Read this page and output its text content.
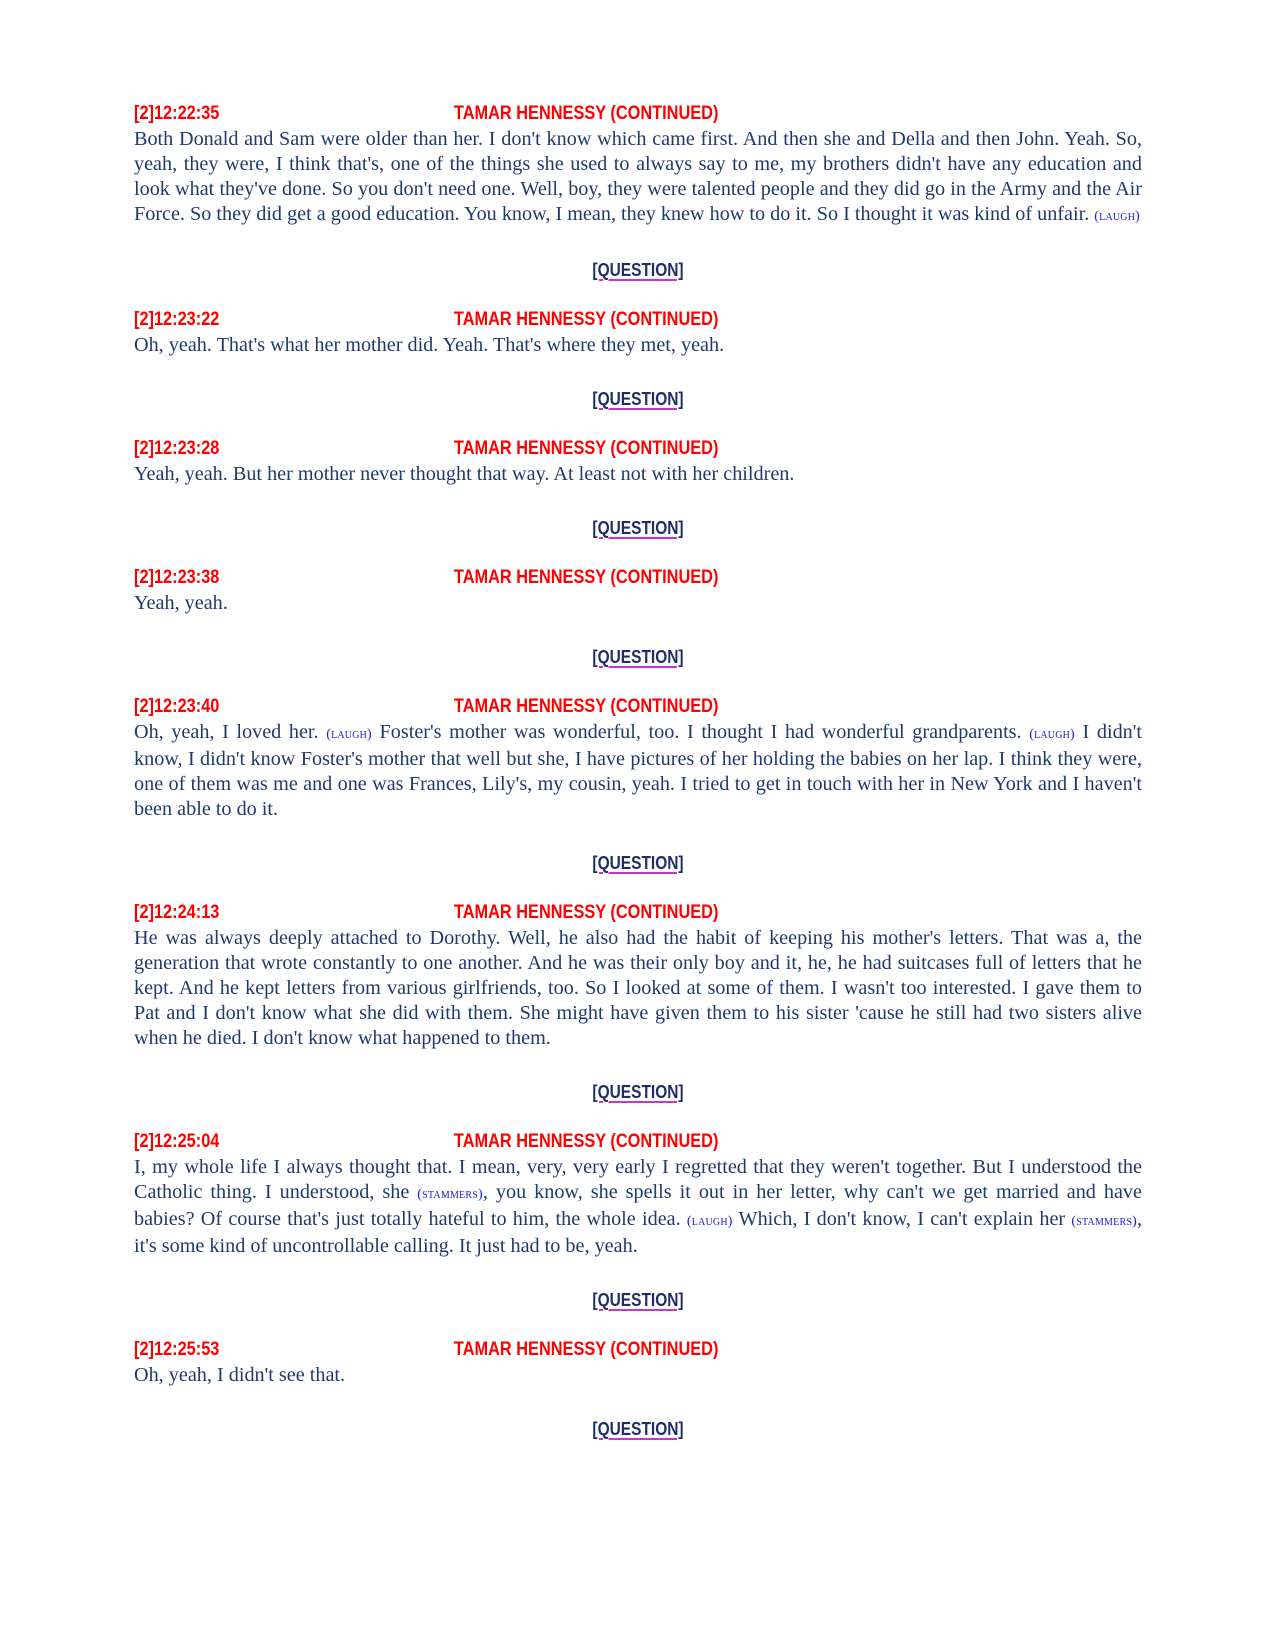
[2]12:22:35	TAMAR HENNESSY (CONTINUED)

Both Donald and Sam were older than her. I don't know which came first. And then she and Della and then John. Yeah. So, yeah, they were, I think that's, one of the things she used to always say to me, my brothers didn't have any education and look what they've done. So you don't need one. Well, boy, they were talented people and they did go in the Army and the Air Force. So they did get a good education. You know, I mean, they knew how to do it. So I thought it was kind of unfair. (laugh)

[QUESTION]
[2]12:23:22	TAMAR HENNESSY (CONTINUED)

Oh, yeah. That's what her mother did. Yeah. That's where they met, yeah.

[QUESTION]
[2]12:23:28	TAMAR HENNESSY (CONTINUED)

Yeah, yeah. But her mother never thought that way. At least not with her children.

[QUESTION]
[2]12:23:38	TAMAR HENNESSY (CONTINUED)

Yeah, yeah.

[QUESTION]
[2]12:23:40	TAMAR HENNESSY (CONTINUED)

Oh, yeah, I loved her. (laugh) Foster's mother was wonderful, too. I thought I had wonderful grandparents. (laugh) I didn't know, I didn't know Foster's mother that well but she, I have pictures of her holding the babies on her lap. I think they were, one of them was me and one was Frances, Lily's, my cousin, yeah. I tried to get in touch with her in New York and I haven't been able to do it.

[QUESTION]
[2]12:24:13	TAMAR HENNESSY (CONTINUED)

He was always deeply attached to Dorothy. Well, he also had the habit of keeping his mother's letters. That was a, the generation that wrote constantly to one another. And he was their only boy and it, he, he had suitcases full of letters that he kept. And he kept letters from various girlfriends, too. So I looked at some of them. I wasn't too interested. I gave them to Pat and I don't know what she did with them. She might have given them to his sister 'cause he still had two sisters alive when he died. I don't know what happened to them.

[QUESTION]
[2]12:25:04	TAMAR HENNESSY (CONTINUED)

I, my whole life I always thought that. I mean, very, very early I regretted that they weren't together. But I understood the Catholic thing. I understood, she (stammers), you know, she spells it out in her letter, why can't we get married and have babies? Of course that's just totally hateful to him, the whole idea. (laugh) Which, I don't know, I can't explain her (stammers), it's some kind of uncontrollable calling. It just had to be, yeah.

[QUESTION]
[2]12:25:53	TAMAR HENNESSY (CONTINUED)

Oh, yeah, I didn't see that.

[QUESTION]
